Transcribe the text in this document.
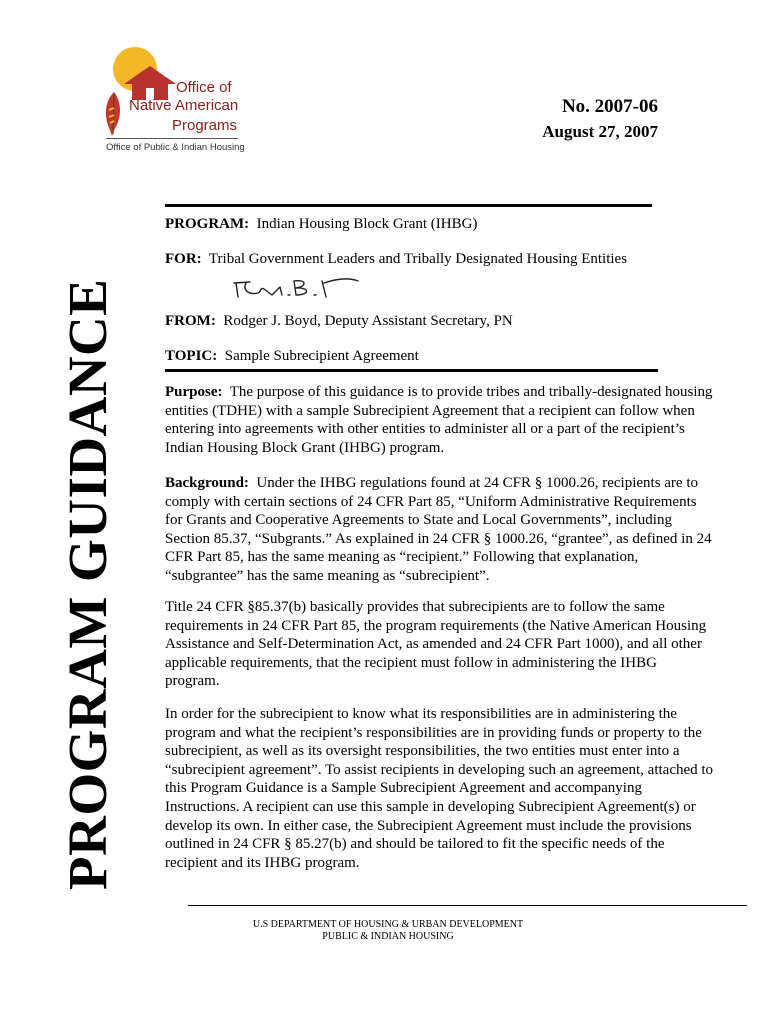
Office of
Native American
Programs
Office of Public & Indian Housing
No. 2007-06
August 27, 2007
PROGRAM GUIDANCE
PROGRAM: Indian Housing Block Grant (IHBG)
FOR: Tribal Government Leaders and Tribally Designated Housing Entities
FROM: Rodger J. Boyd, Deputy Assistant Secretary, PN
TOPIC: Sample Subrecipient Agreement
Purpose: The purpose of this guidance is to provide tribes and tribally-designated housing entities (TDHE) with a sample Subrecipient Agreement that a recipient can follow when entering into agreements with other entities to administer all or a part of the recipient’s Indian Housing Block Grant (IHBG) program.
Background: Under the IHBG regulations found at 24 CFR § 1000.26, recipients are to comply with certain sections of 24 CFR Part 85, “Uniform Administrative Requirements for Grants and Cooperative Agreements to State and Local Governments”, including Section 85.37, “Subgrants.” As explained in 24 CFR § 1000.26, “grantee”, as defined in 24 CFR Part 85, has the same meaning as “recipient.” Following that explanation, “subgrantee” has the same meaning as “subrecipient”.
Title 24 CFR §85.37(b) basically provides that subrecipients are to follow the same requirements in 24 CFR Part 85, the program requirements (the Native American Housing Assistance and Self-Determination Act, as amended and 24 CFR Part 1000), and all other applicable requirements, that the recipient must follow in administering the IHBG program.
In order for the subrecipient to know what its responsibilities are in administering the program and what the recipient’s responsibilities are in providing funds or property to the subrecipient, as well as its oversight responsibilities, the two entities must enter into a “subrecipient agreement”. To assist recipients in developing such an agreement, attached to this Program Guidance is a Sample Subrecipient Agreement and accompanying Instructions. A recipient can use this sample in developing Subrecipient Agreement(s) or develop its own. In either case, the Subrecipient Agreement must include the provisions outlined in 24 CFR § 85.27(b) and should be tailored to fit the specific needs of the recipient and its IHBG program.
U.S DEPARTMENT OF HOUSING & URBAN DEVELOPMENT
PUBLIC & INDIAN HOUSING
